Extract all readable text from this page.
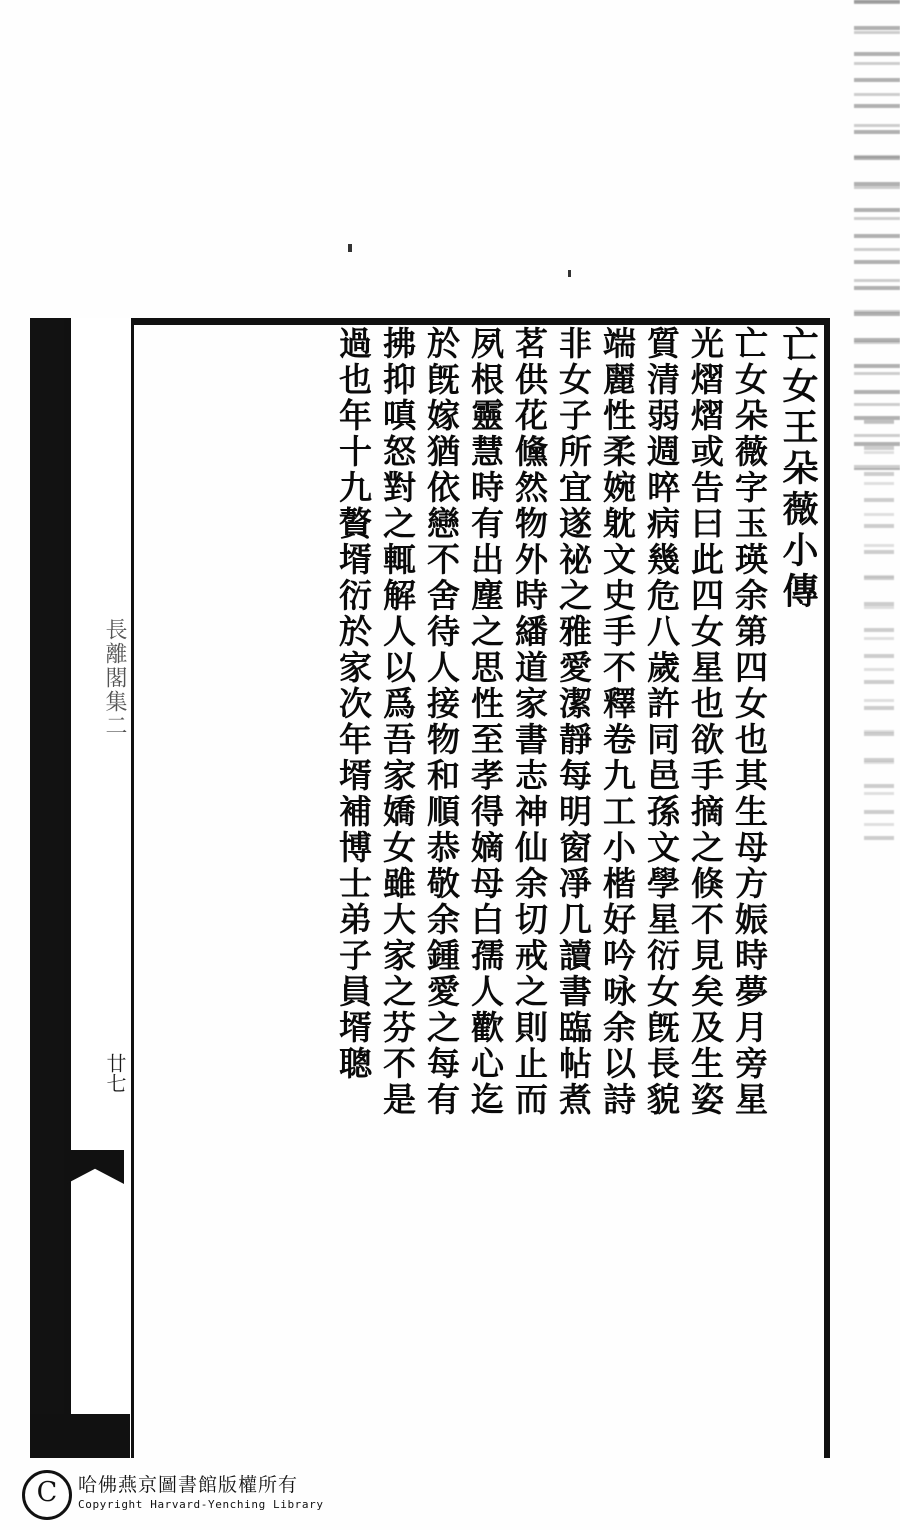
長離閣集二
廿七
亡女王朵薇小傳
亡女朵薇字玉瑛余第四女也其生母方娠時夢月旁星
光熠熠或告曰此四女星也欲手摘之倏不見矣及生姿
質清弱週晬病幾危八歲許同邑孫文學星衍女旣長貌
端麗性柔婉躭文史手不釋卷九工小楷好吟咏余以詩
非女子所宜遂祕之雅愛潔靜每明窗凈几讀書臨帖煮
茗供花儵然物外時繙道家書志神仙余切戒之則止而
夙根靈慧時有出塵之思性至孝得嫡母白孺人歡心迄
於旣嫁猶依戀不舍待人接物和順恭敬余鍾愛之每有
拂抑嗔怒對之輒解人以爲吾家嬌女雖大家之芬不是
過也年十九贅壻衍於家次年壻補博士弟子員壻聰
C	哈佛燕京圖書館版權所有
Copyright Harvard-Yenching Library
